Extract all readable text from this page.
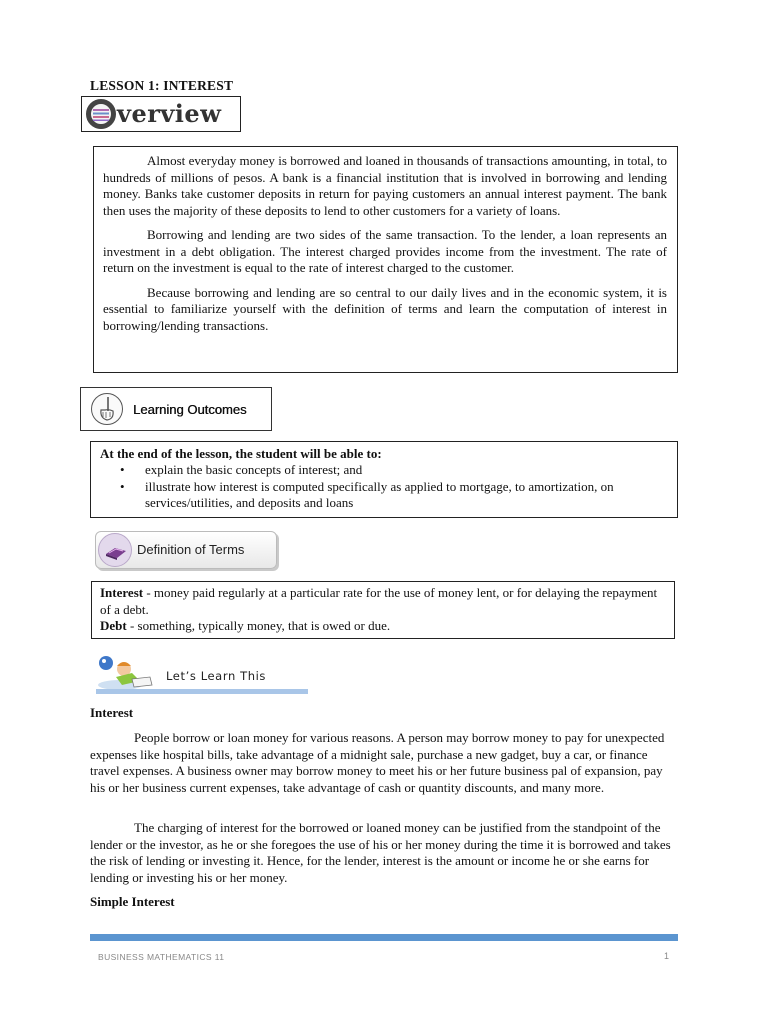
LESSON 1: INTEREST
verview

Almost everyday money is borrowed and loaned in thousands of transactions amounting, in total, to hundreds of millions of pesos. A bank is a financial institution that is involved in borrowing and lending money. Banks take customer deposits in return for paying customers an annual interest payment. The bank then uses the majority of these deposits to lend to other customers for a variety of loans.

Borrowing and lending are two sides of the same transaction. To the lender, a loan represents an investment in a debt obligation. The interest charged provides income from the investment. The rate of return on the investment is equal to the rate of interest charged to the customer.

Because borrowing and lending are so central to our daily lives and in the economic system, it is essential to familiarize yourself with the definition of terms and learn the computation of interest in borrowing/lending transactions.

Learning Outcomes

At the end of the lesson, the student will be able to:

• explain the basic concepts of interest; and
• illustrate how interest is computed specifically as applied to mortgage, to amortization, on services/utilities, and deposits and loans
Definition of Terms
Interest - money paid regularly at a particular rate for the use of money lent, or for delaying the repayment of a debt.
Debt - something, typically money, that is owed or due.
Let’s Learn This
Interest

People borrow or loan money for various reasons. A person may borrow money to pay for unexpected expenses like hospital bills, take advantage of a midnight sale, purchase a new gadget, buy a car, or finance travel expenses. A business owner may borrow money to meet his or her future business pal of expansion, pay his or her business current expenses, take advantage of cash or quantity discounts, and many more.

The charging of interest for the borrowed or loaned money can be justified from the standpoint of the lender or the investor, as he or she foregoes the use of his or her money during the time it is borrowed and takes the risk of lending or investing it. Hence, for the lender, interest is the amount or income he or she earns for lending or investing his or her money.

Simple Interest
BUSINESS MATHEMATICS 11	1
